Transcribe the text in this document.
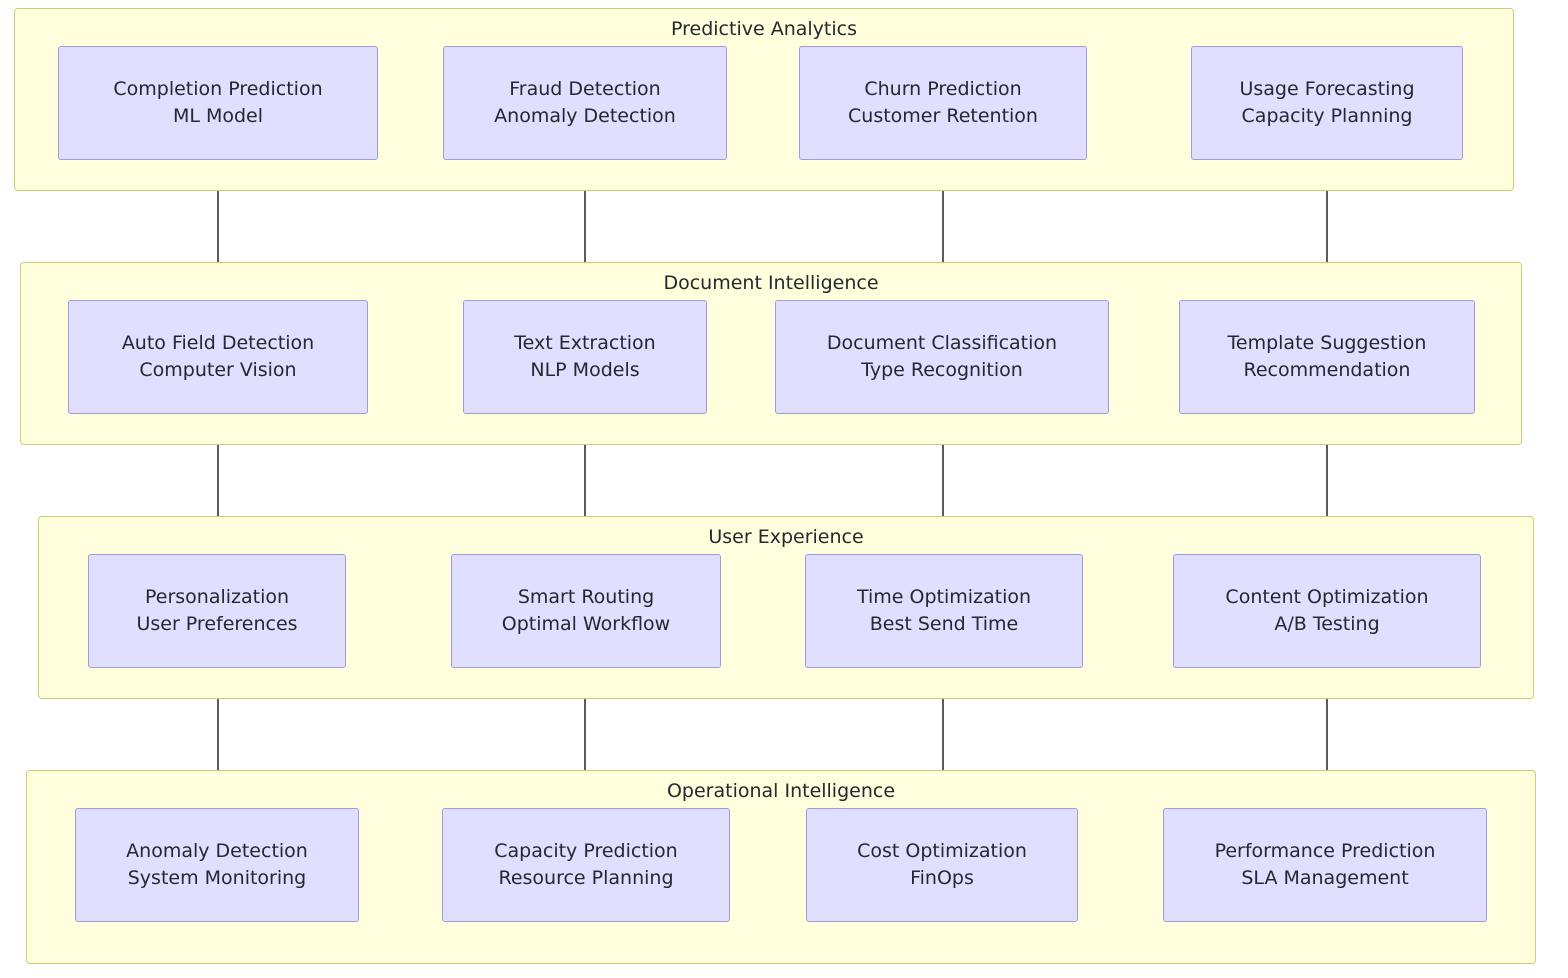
Predictive Analytics
Completion Prediction
ML Model
Fraud Detection
Anomaly Detection
Churn Prediction
Customer Retention
Usage Forecasting
Capacity Planning
Document Intelligence
Auto Field Detection
Computer Vision
Text Extraction
NLP Models
Document Classification
Type Recognition
Template Suggestion
Recommendation
User Experience
Personalization
User Preferences
Smart Routing
Optimal Workflow
Time Optimization
Best Send Time
Content Optimization
A/B Testing
Operational Intelligence
Anomaly Detection
System Monitoring
Capacity Prediction
Resource Planning
Cost Optimization
FinOps
Performance Prediction
SLA Management
